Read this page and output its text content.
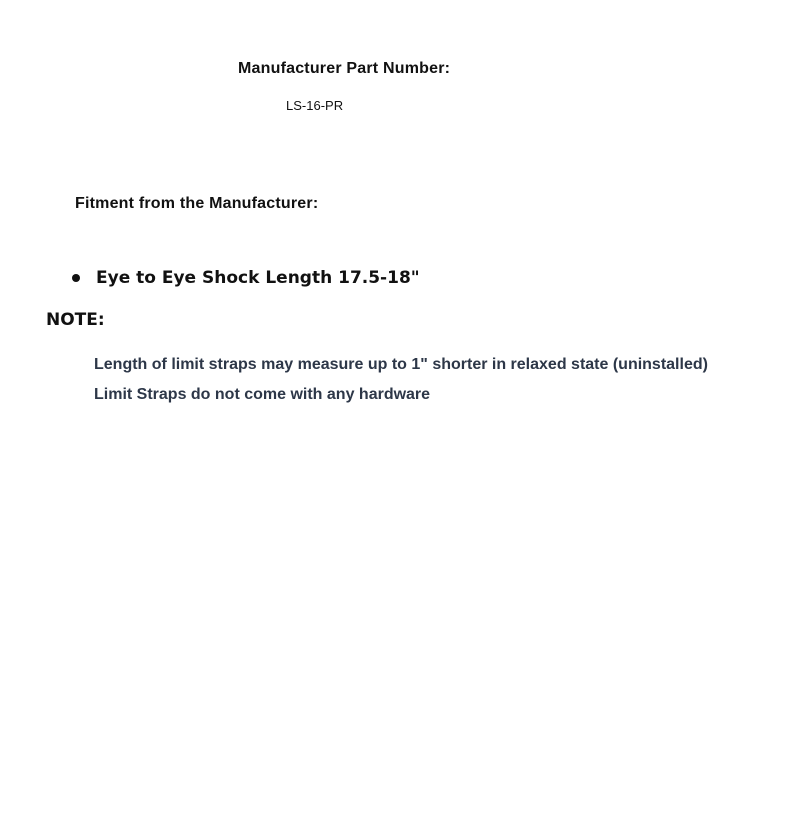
Manufacturer Part Number:
LS-16-PR
Fitment from the Manufacturer:
Eye to Eye Shock Length 17.5-18"
NOTE:
Length of limit straps may measure up to 1" shorter in relaxed state (uninstalled)
Limit Straps do not come with any hardware
